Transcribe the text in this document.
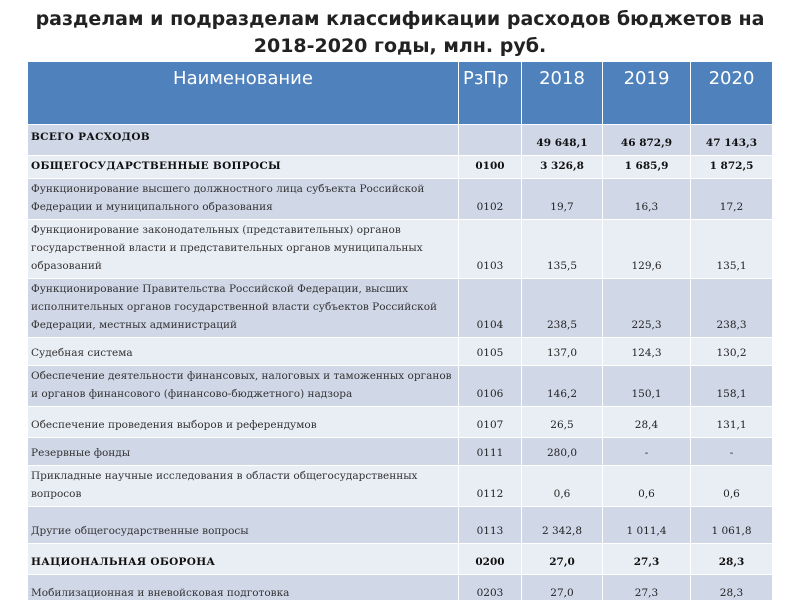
разделам и подразделам классификации расходов бюджетов на
2018-2020 годы, млн. руб.
Наименование	РзПр	2018	2019	2020
ВСЕГО РАСХОДОВ		49 648,1	46 872,9	47 143,3
ОБЩЕГОСУДАРСТВЕННЫЕ ВОПРОСЫ	0100	3 326,8	1 685,9	1 872,5
Функционирование высшего должностного лица субъекта Российской Федерации и муниципального образования	0102	19,7	16,3	17,2
Функционирование законодательных (представительных) органов государственной власти и представительных органов муниципальных образований	0103	135,5	129,6	135,1
Функционирование Правительства Российской Федерации, высших исполнительных органов государственной власти субъектов Российской Федерации, местных администраций	0104	238,5	225,3	238,3
Судебная система	0105	137,0	124,3	130,2
Обеспечение деятельности финансовых, налоговых и таможенных органов и органов финансового (финансово-бюджетного) надзора	0106	146,2	150,1	158,1
Обеспечение проведения выборов и референдумов	0107	26,5	28,4	131,1
Резервные фонды	0111	280,0	-	-
Прикладные научные исследования в области общегосударственных вопросов	0112	0,6	0,6	0,6
Другие общегосударственные вопросы	0113	2 342,8	1 011,4	1 061,8
НАЦИОНАЛЬНАЯ ОБОРОНА	0200	27,0	27,3	28,3
Мобилизационная и вневойсковая подготовка	0203	27,0	27,3	28,3
